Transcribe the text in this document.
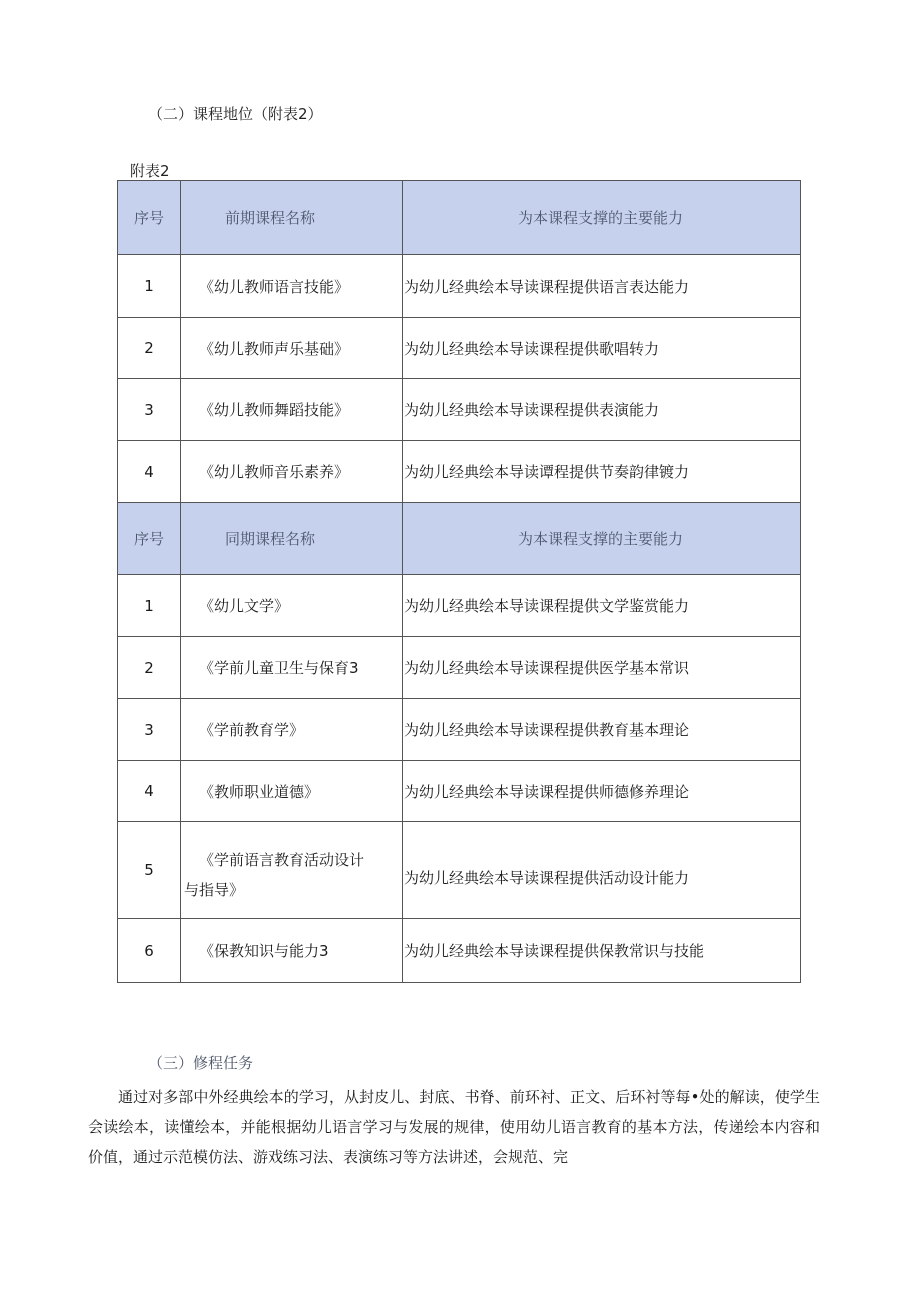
（二）课程地位（附表2）
附表2
序号	前期课程名称	为本课程支撑的主要能力
1	《幼儿教师语言技能》	为幼儿经典绘本导读课程提供语言表达能力
2	《幼儿教师声乐基础》	为幼儿经典绘本导读课程提供歌唱转力
3	《幼儿教师舞蹈技能》	为幼儿经典绘本导读课程提供表演能力
4	《幼儿教师音乐素养》	为幼儿经典绘本导读谭程提供节奏韵律镀力
序号	同期课程名称	为本课程支撑的主要能力
1	《幼儿文学》	为幼儿经典绘本导读课程提供文学鉴赏能力
2	《学前儿童卫生与保育3	为幼儿经典绘本导读课程提供医学基本常识
3	《学前教育学》	为幼儿经典绘本导读课程提供教育基本理论
4	《教师职业道德》	为幼儿经典绘本导读课程提供师德修养理论
5	《学前语言教育活动设计
与指导》	为幼儿经典绘本导读课程提供活动设计能力
6	《保教知识与能力3	为幼儿经典绘本导读课程提供保教常识与技能
（三）修程任务
通过对多部中外经典绘本的学习，从封皮儿、封底、书脊、前环衬、正文、后环衬等每•处的解读，使学生会读绘本，读懂绘本，并能根据幼儿语言学习与发展的规律，使用幼儿语言教育的基本方法，传递绘本内容和价值，通过示范模仿法、游戏练习法、表演练习等方法讲述，会规范、完
